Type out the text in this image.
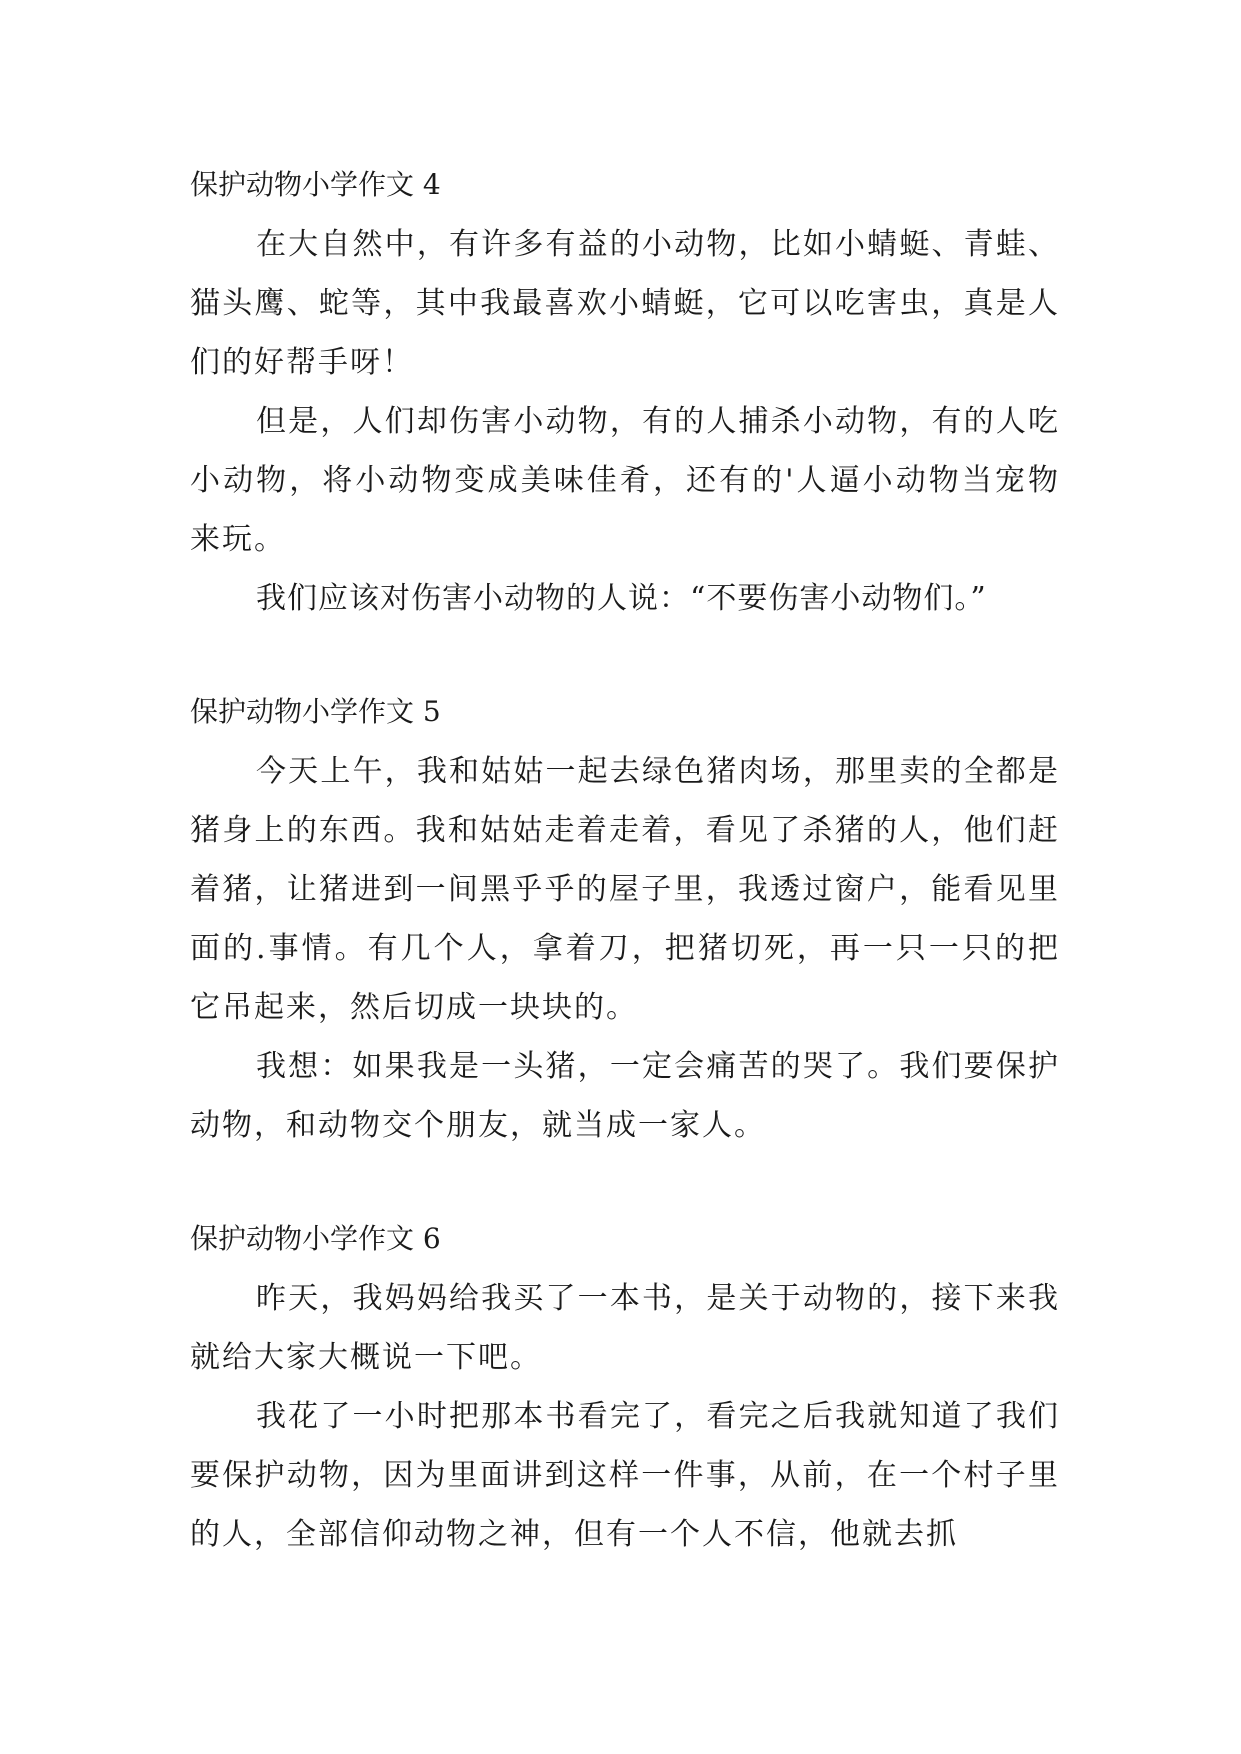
保护动物小学作文 4

在大自然中，有许多有益的小动物，比如小蜻蜓、青蛙、猫头鹰、蛇等，其中我最喜欢小蜻蜓，它可以吃害虫，真是人们的好帮手呀！

但是，人们却伤害小动物，有的人捕杀小动物，有的人吃小动物，将小动物变成美味佳肴，还有的'人逼小动物当宠物来玩。

我们应该对伤害小动物的人说：“不要伤害小动物们。”

保护动物小学作文 5

今天上午，我和姑姑一起去绿色猪肉场，那里卖的全都是猪身上的东西。我和姑姑走着走着，看见了杀猪的人，他们赶着猪，让猪进到一间黑乎乎的屋子里，我透过窗户，能看见里面的.事情。有几个人，拿着刀，把猪切死，再一只一只的把它吊起来，然后切成一块块的。

我想：如果我是一头猪，一定会痛苦的哭了。我们要保护动物，和动物交个朋友，就当成一家人。

保护动物小学作文 6

昨天，我妈妈给我买了一本书，是关于动物的，接下来我就给大家大概说一下吧。

我花了一小时把那本书看完了，看完之后我就知道了我们要保护动物，因为里面讲到这样一件事，从前，在一个村子里的人，全部信仰动物之神，但有一个人不信，他就去抓
